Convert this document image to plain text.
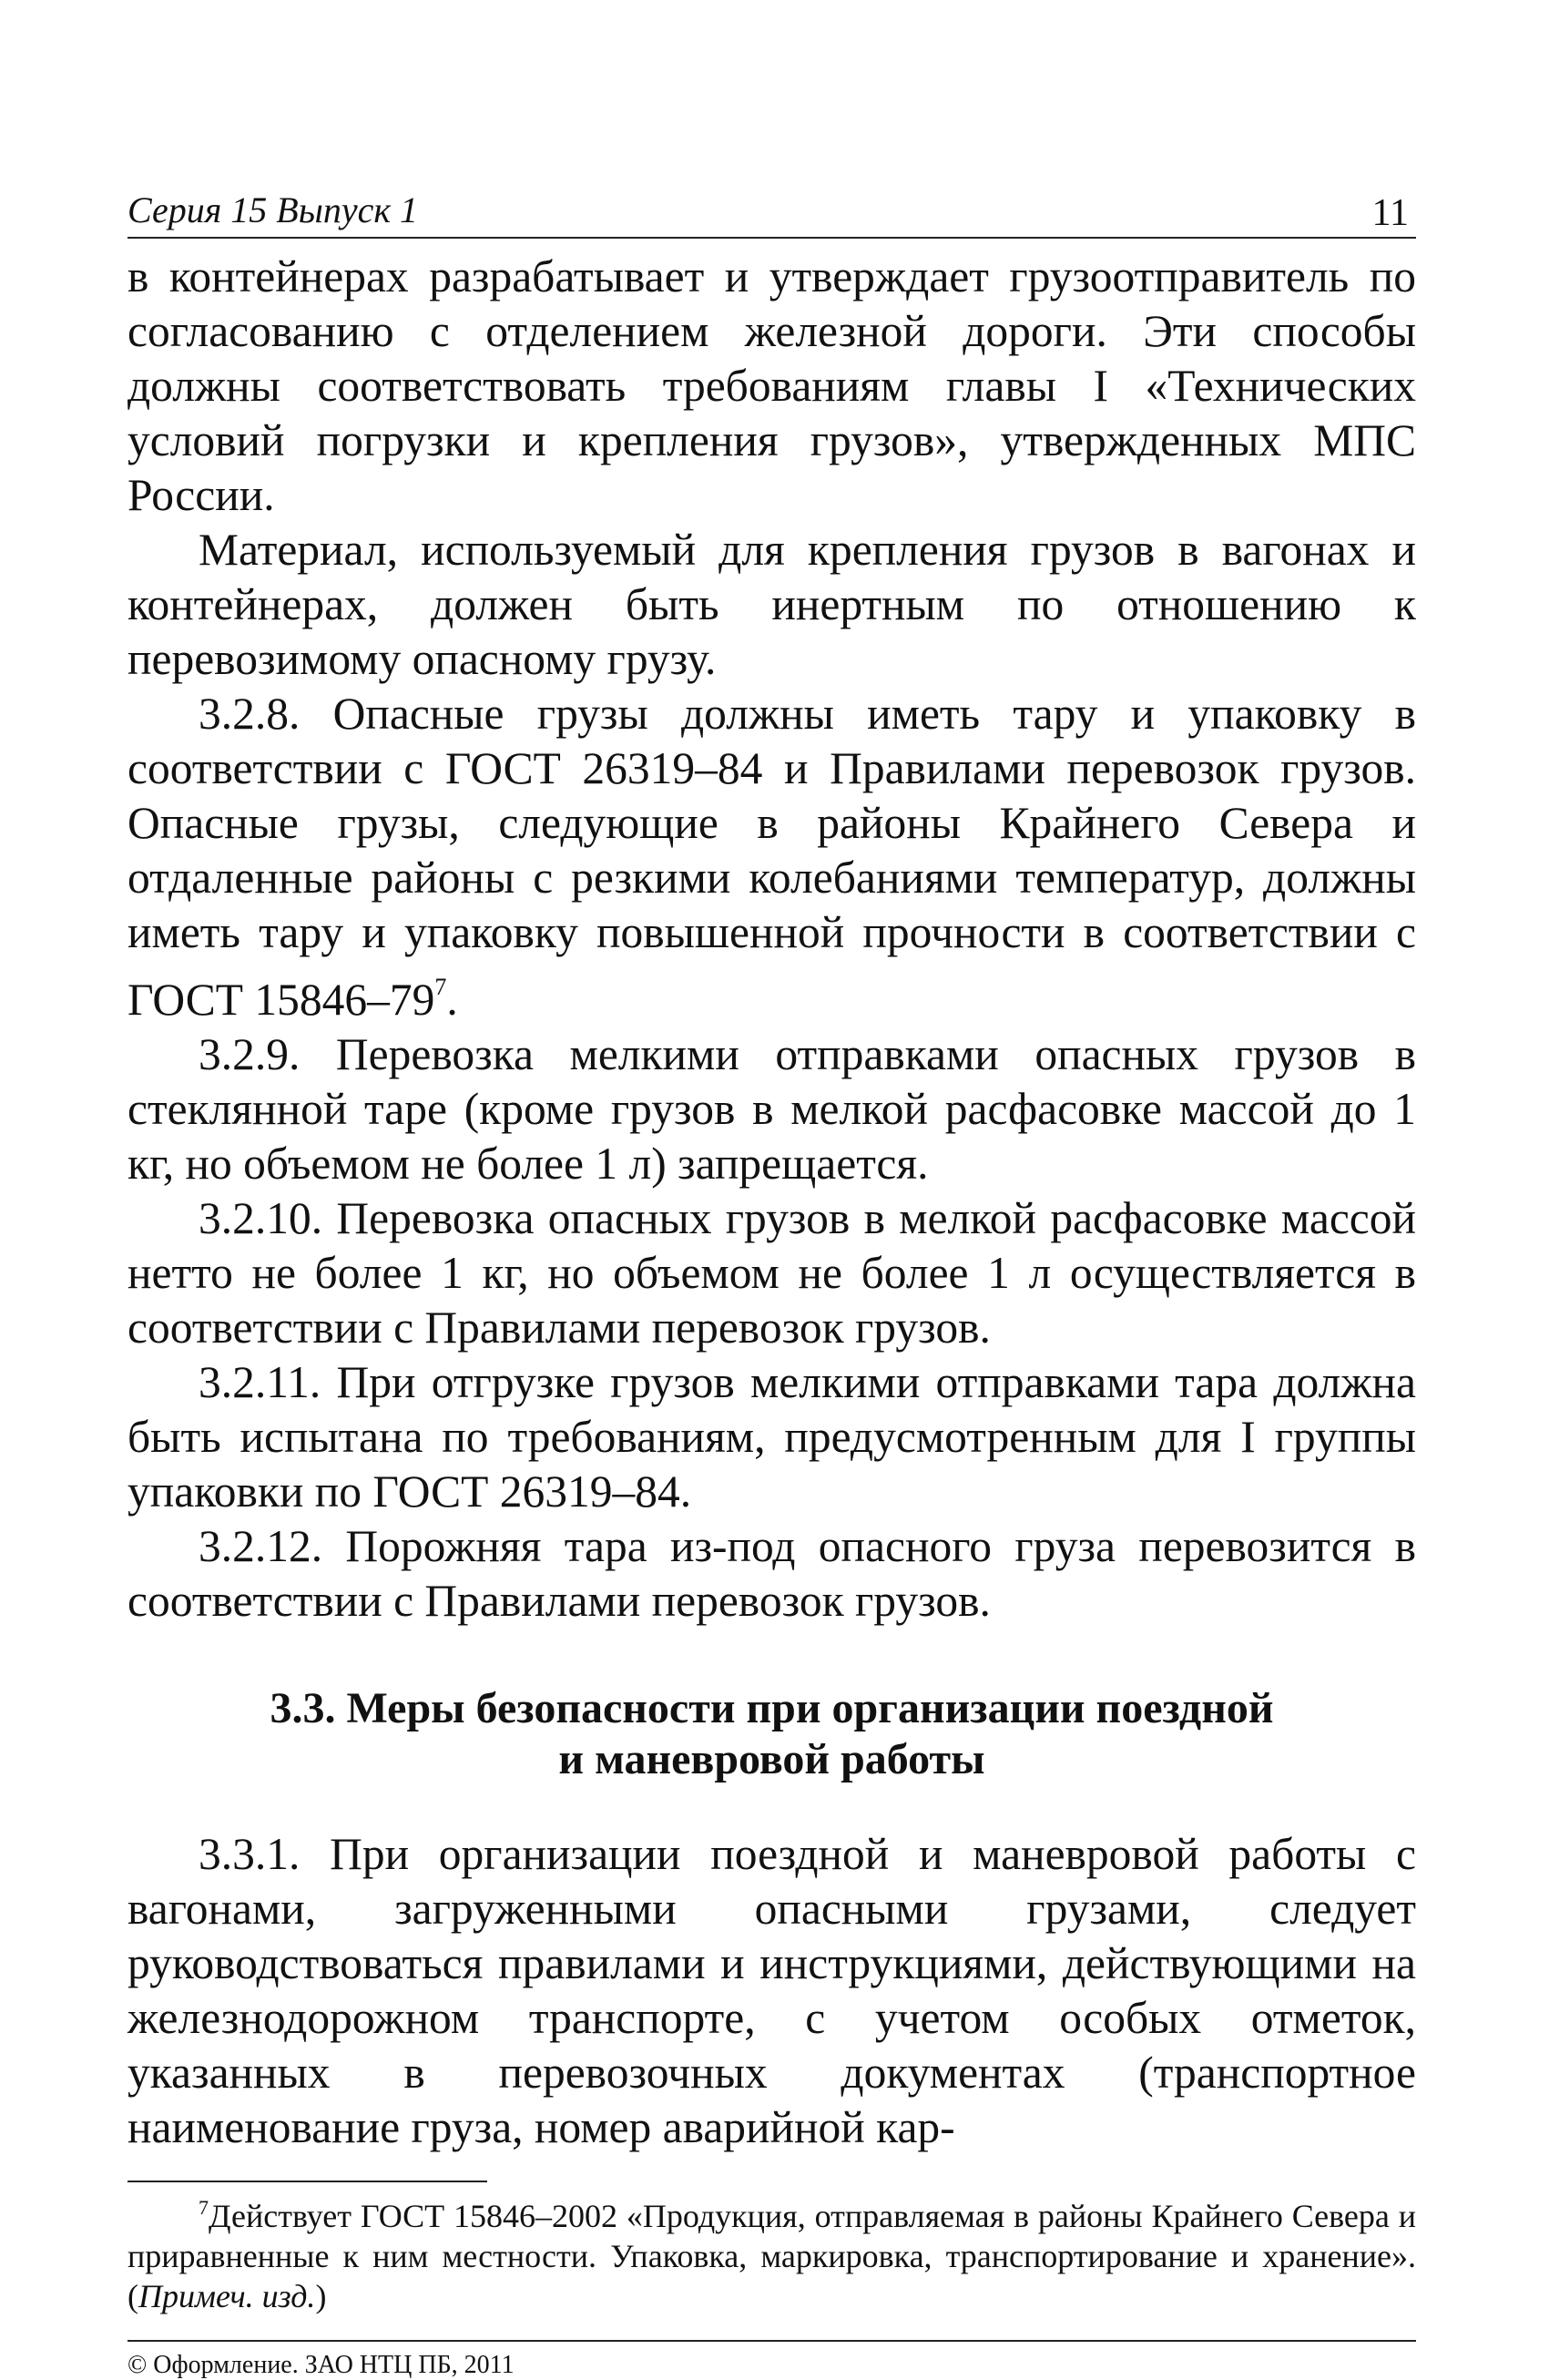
Серия 15 Выпуск 1	11

в контейнерах разрабатывает и утверждает грузоотправитель по согласованию с отделением железной дороги. Эти способы должны соответствовать требованиям главы I «Технических условий погрузки и крепления грузов», утвержденных МПС России.

Материал, используемый для крепления грузов в вагонах и контейнерах, должен быть инертным по отношению к перевозимому опасному грузу.

3.2.8. Опасные грузы должны иметь тару и упаковку в соответствии с ГОСТ 26319–84 и Правилами перевозок грузов. Опасные грузы, следующие в районы Крайнего Севера и отдаленные районы с резкими колебаниями температур, должны иметь тару и упаковку повышенной прочности в соответствии с ГОСТ $15846-79^7$.

3.2.9. Перевозка мелкими отправками опасных грузов в стеклянной таре (кроме грузов в мелкой расфасовке массой до 1 кг, но объемом не более 1 л) запрещается.

3.2.10. Перевозка опасных грузов в мелкой расфасовке массой нетто не более 1 кг, но объемом не более 1 л осуществляется в соответствии с Правилами перевозок грузов.

3.2.11. При отгрузке грузов мелкими отправками тара должна быть испытана по требованиям, предусмотренным для I группы упаковки по ГОСТ 26319–84.

3.2.12. Порожняя тара из-под опасного груза перевозится в соответствии с Правилами перевозок грузов.

3.3. Меры безопасности при организации поездной
и маневровой работы

3.3.1. При организации поездной и маневровой работы с вагонами, загруженными опасными грузами, следует руководствоваться правилами и инструкциями, действующими на железнодорожном транспорте, с учетом особых отметок, указанных в перевозочных документах (транспортное наименование груза, номер аварийной кар-

$^7$Действует ГОСТ 15846–2002 «Продукция, отправляемая в районы Крайнего Севера и приравненные к ним местности. Упаковка, маркировка, транспортирование и хранение». (Примеч. изд.)
© Оформление. ЗАО НТЦ ПБ, 2011
